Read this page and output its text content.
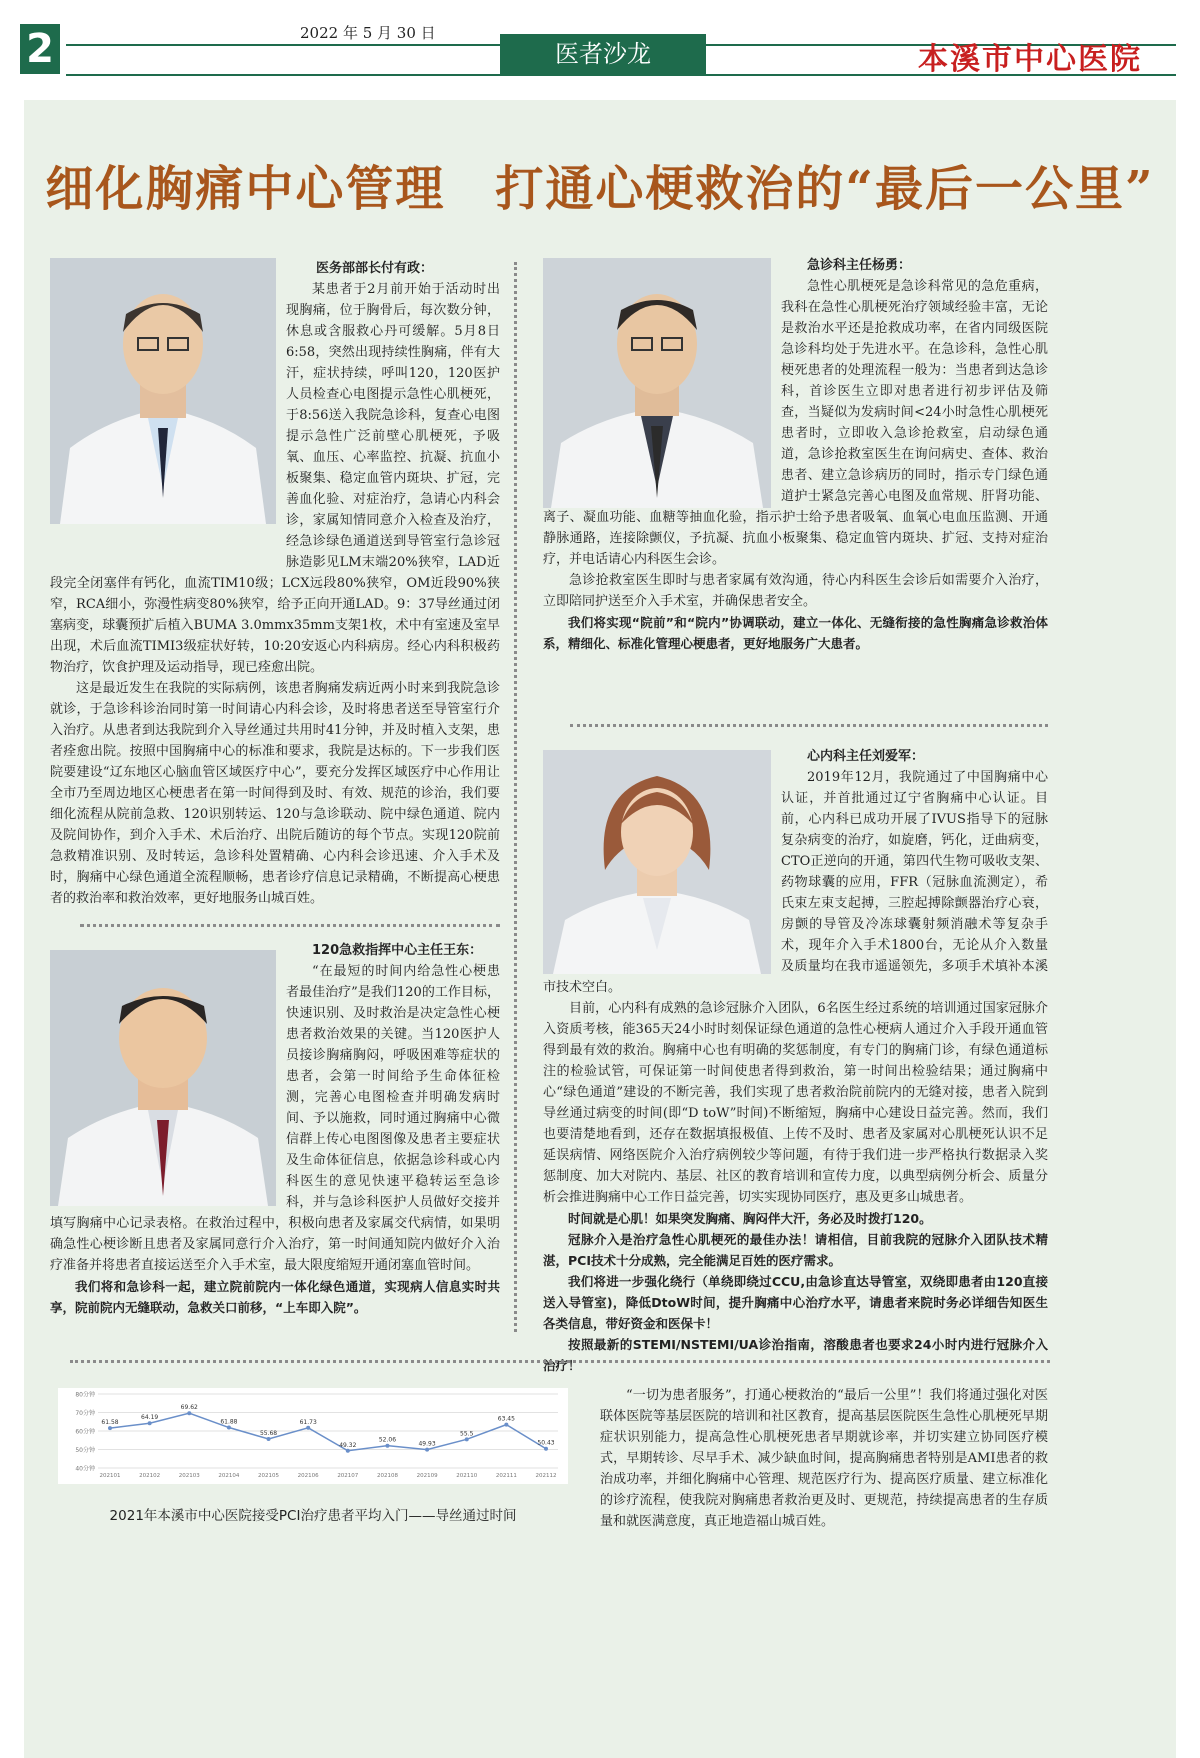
2	2022 年 5 月 30 日
医者沙龙	本溪市中心医院
细化胸痛中心管理　打通心梗救治的“最后一公里”

医务部部长付有政：

某患者于2月前开始于活动时出现胸痛，位于胸骨后，每次数分钟，休息或含服救心丹可缓解。5月8日6:58，突然出现持续性胸痛，伴有大汗，症状持续，呼叫120，120医护人员检查心电图提示急性心肌梗死，于8:56送入我院急诊科，复查心电图提示急性广泛前壁心肌梗死，予吸氧、血压、心率监控、抗凝、抗血小板聚集、稳定血管内斑块、扩冠，完善血化验、对症治疗，急请心内科会诊，家属知情同意介入检查及治疗，经急诊绿色通道送到导管室行急诊冠脉造影见LM末端20%狭窄，LAD近段完全闭塞伴有钙化，血流TIM10级；LCX远段80%狭窄，OM近段90%狭窄，RCA细小，弥漫性病变80%狭窄，给予正向开通LAD。9：37导丝通过闭塞病变，球囊预扩后植入BUMA 3.0mmx35mm支架1枚，术中有室速及室早出现，术后血流TIMI3级症状好转，10:20安返心内科病房。经心内科积极药物治疗，饮食护理及运动指导，现已痊愈出院。

这是最近发生在我院的实际病例，该患者胸痛发病近两小时来到我院急诊就诊，于急诊科诊治同时第一时间请心内科会诊，及时将患者送至导管室行介入治疗。从患者到达我院到介入导丝通过共用时41分钟，并及时植入支架，患者痊愈出院。按照中国胸痛中心的标准和要求，我院是达标的。下一步我们医院要建设“辽东地区心脑血管区域医疗中心”，要充分发挥区域医疗中心作用让全市乃至周边地区心梗患者在第一时间得到及时、有效、规范的诊治，我们要细化流程从院前急救、120识别转运、120与急诊联动、院中绿色通道、院内及院间协作，到介入手术、术后治疗、出院后随访的每个节点。实现120院前急救精准识别、及时转运，急诊科处置精确、心内科会诊迅速、介入手术及时，胸痛中心绿色通道全流程顺畅，患者诊疗信息记录精确，不断提高心梗患者的救治率和救治效率，更好地服务山城百姓。

120急救指挥中心主任王东：

“在最短的时间内给急性心梗患者最佳治疗”是我们120的工作目标，快速识别、及时救治是决定急性心梗患者救治效果的关键。当120医护人员接诊胸痛胸闷，呼吸困难等症状的患者，会第一时间给予生命体征检测，完善心电图检查并明确发病时间、予以施救，同时通过胸痛中心微信群上传心电图图像及患者主要症状及生命体征信息，依据急诊科或心内科医生的意见快速平稳转运至急诊科，并与急诊科医护人员做好交接并填写胸痛中心记录表格。在救治过程中，积极向患者及家属交代病情，如果明确急性心梗诊断且患者及家属同意行介入治疗，第一时间通知院内做好介入治疗准备并将患者直接运送至介入手术室，最大限度缩短开通闭塞血管时间。

我们将和急诊科一起，建立院前院内一体化绿色通道，实现病人信息实时共享，院前院内无缝联动，急救关口前移，“上车即入院”。

急诊科主任杨勇：

急性心肌梗死是急诊科常见的急危重病，我科在急性心肌梗死治疗领域经验丰富，无论是救治水平还是抢救成功率，在省内同级医院急诊科均处于先进水平。在急诊科，急性心肌梗死患者的处理流程一般为：当患者到达急诊科，首诊医生立即对患者进行初步评估及筛查，当疑似为发病时间<24小时急性心肌梗死患者时，立即收入急诊抢救室，启动绿色通道，急诊抢救室医生在询问病史、查体、救治患者、建立急诊病历的同时，指示专门绿色通道护士紧急完善心电图及血常规、肝肾功能、离子、凝血功能、血糖等抽血化验，指示护士给予患者吸氧、血氧心电血压监测、开通静脉通路，连接除颤仪，予抗凝、抗血小板聚集、稳定血管内斑块、扩冠、支持对症治疗，并电话请心内科医生会诊。

急诊抢救室医生即时与患者家属有效沟通，待心内科医生会诊后如需要介入治疗，立即陪同护送至介入手术室，并确保患者安全。

我们将实现“院前”和“院内”协调联动，建立一体化、无缝衔接的急性胸痛急诊救治体系，精细化、标准化管理心梗患者，更好地服务广大患者。

心内科主任刘爱军：

2019年12月，我院通过了中国胸痛中心认证，并首批通过辽宁省胸痛中心认证。目前，心内科已成功开展了IVUS指导下的冠脉复杂病变的治疗，如旋磨，钙化，迂曲病变，CTO正逆向的开通，第四代生物可吸收支架、药物球囊的应用，FFR（冠脉血流测定），希氏束左束支起搏，三腔起搏除颤器治疗心衰，房颤的导管及冷冻球囊射频消融术等复杂手术，现年介入手术1800台，无论从介入数量及质量均在我市遥遥领先，多项手术填补本溪市技术空白。

目前，心内科有成熟的急诊冠脉介入团队，6名医生经过系统的培训通过国家冠脉介入资质考核，能365天24小时时刻保证绿色通道的急性心梗病人通过介入手段开通血管得到最有效的救治。胸痛中心也有明确的奖惩制度，有专门的胸痛门诊，有绿色通道标注的检验试管，可保证第一时间使患者得到救治，第一时间出检验结果；通过胸痛中心“绿色通道”建设的不断完善，我们实现了患者救治院前院内的无缝对接，患者入院到导丝通过病变的时间(即“D toW”时间)不断缩短，胸痛中心建设日益完善。然而，我们也要清楚地看到，还存在数据填报极值、上传不及时、患者及家属对心肌梗死认识不足延误病情、网络医院介入治疗病例较少等问题，有待于我们进一步严格执行数据录入奖惩制度、加大对院内、基层、社区的教育培训和宣传力度，以典型病例分析会、质量分析会推进胸痛中心工作日益完善，切实实现协同医疗，惠及更多山城患者。

时间就是心肌！如果突发胸痛、胸闷伴大汗，务必及时拨打120。

冠脉介入是治疗急性心肌梗死的最佳办法！请相信，目前我院的冠脉介入团队技术精湛，PCI技术十分成熟，完全能满足百姓的医疗需求。

我们将进一步强化绕行（单绕即绕过CCU,由急诊直达导管室，双绕即患者由120直接送入导管室)，降低DtoW时间，提升胸痛中心治疗水平，请患者来院时务必详细告知医生各类信息，带好资金和医保卡！

按照最新的STEMI/NSTEMI/UA诊治指南，溶酸患者也要求24小时内进行冠脉介入治疗！

40分钟
50分钟
60分钟
70分钟
80分钟
61.58
202101
64.19
202102
69.62
202103
61.88
202104
55.68
202105
61.73
202106
49.32
202107
52.06
202108
49.93
202109
55.5
202110
63.45
202111
50.43
202112
2021年本溪市中心医院接受PCI治疗患者平均入门——导丝通过时间

“一切为患者服务”，打通心梗救治的“最后一公里”！我们将通过强化对医联体医院等基层医院的培训和社区教育，提高基层医院医生急性心肌梗死早期症状识别能力，提高急性心肌梗死患者早期就诊率，并切实建立协同医疗模式，早期转诊、尽早手术、减少缺血时间，提高胸痛患者特别是AMI患者的救治成功率，并细化胸痛中心管理、规范医疗行为、提高医疗质量、建立标准化的诊疗流程，使我院对胸痛患者救治更及时、更规范，持续提高患者的生存质量和就医满意度，真正地造福山城百姓。
